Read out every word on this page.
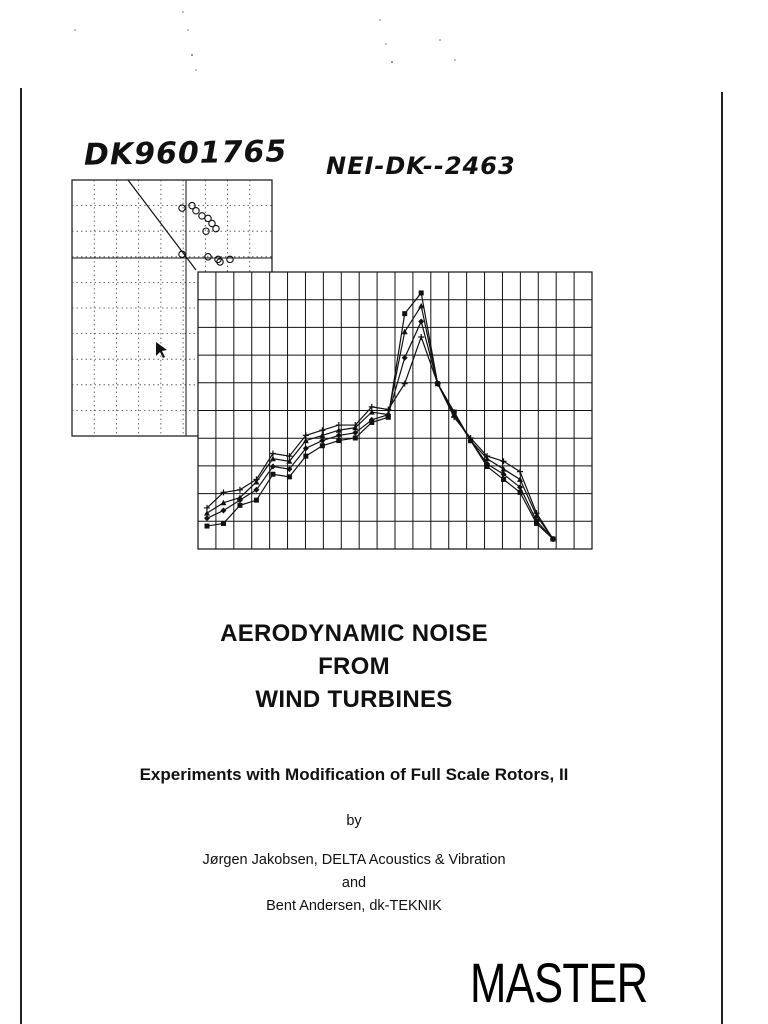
DK9601765 NEI-DK--2463
AERODYNAMIC NOISE
FROM
WIND TURBINES
Experiments with Modification of Full Scale Rotors, II
by
Jørgen Jakobsen, DELTA Acoustics & Vibration
and
Bent Andersen, dk-TEKNIK
MASTER
